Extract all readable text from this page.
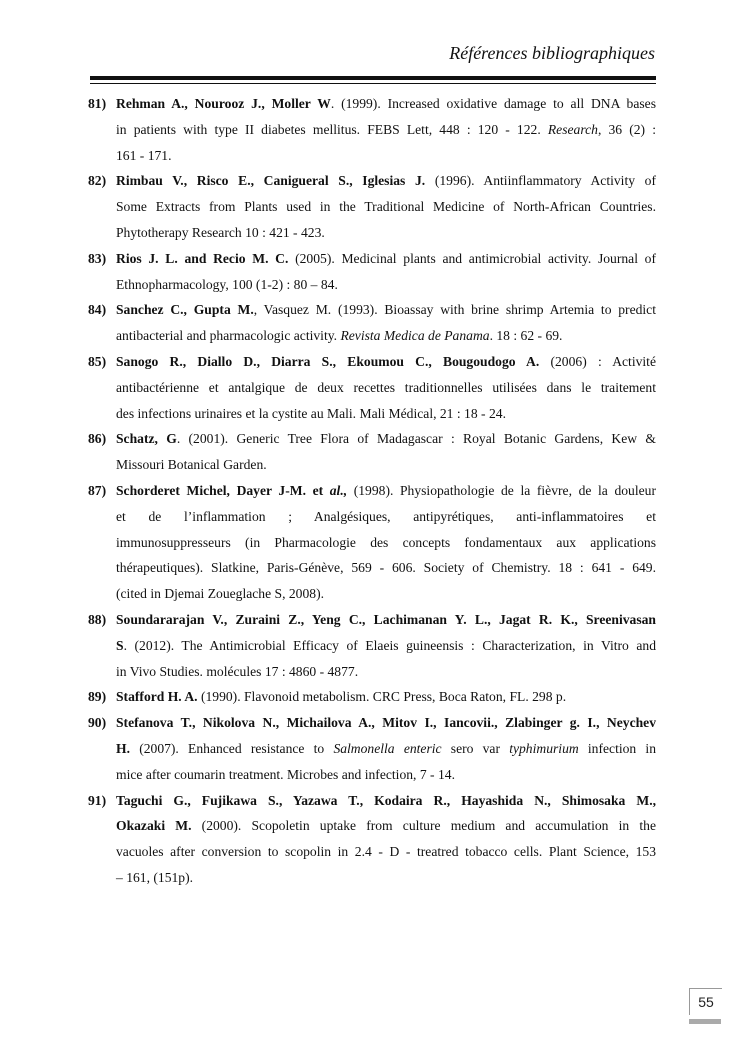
Références bibliographiques
81) Rehman A., Nourooz J., Moller W. (1999). Increased oxidative damage to all DNA bases
in patients with type II diabetes mellitus. FEBS Lett, 448 : 120 - 122. Research, 36 (2) :
161 - 171.
82) Rimbau V., Risco E., Canigueral S., Iglesias J. (1996). Antiinflammatory Activity of
Some Extracts from Plants used in the Traditional Medicine of North-African Countries.
Phytotherapy Research 10 : 421 - 423.
83) Rios J. L. and Recio M. C. (2005). Medicinal plants and antimicrobial activity. Journal of
Ethnopharmacology, 100 (1-2) : 80 – 84.
84) Sanchez C., Gupta M., Vasquez M. (1993). Bioassay with brine shrimp Artemia to predict
antibacterial and pharmacologic activity. Revista Medica de Panama. 18 : 62 - 69.
85) Sanogo R., Diallo D., Diarra S., Ekoumou C., Bougoudogo A. (2006) : Activité
antibactérienne et antalgique de deux recettes traditionnelles utilisées dans le traitement
des infections urinaires et la cystite au Mali. Mali Médical, 21 : 18 - 24.
86) Schatz, G. (2001). Generic Tree Flora of Madagascar : Royal Botanic Gardens, Kew &
Missouri Botanical Garden.
87) Schorderet Michel, Dayer J-M. et al., (1998). Physiopathologie de la fièvre, de la douleur
et de l’inflammation ; Analgésiques, antipyrétiques, anti-inflammatoires et
immunosuppresseurs (in Pharmacologie des concepts fondamentaux aux applications
thérapeutiques). Slatkine, Paris-Génève, 569 - 606. Society of Chemistry. 18 : 641 - 649.
(cited in Djemai Zoueglache S, 2008).
88) Soundararajan V., Zuraini Z., Yeng C., Lachimanan Y. L., Jagat R. K., Sreenivasan
S. (2012). The Antimicrobial Efficacy of Elaeis guineensis : Characterization, in Vitro and
in Vivo Studies. molécules 17 : 4860 - 4877.
89) Stafford H. A. (1990). Flavonoid metabolism. CRC Press, Boca Raton, FL. 298 p.
90) Stefanova T., Nikolova N., Michailova A., Mitov I., Iancovii., Zlabinger g. I., Neychev
H. (2007). Enhanced resistance to Salmonella enteric sero var typhimurium infection in
mice after coumarin treatment. Microbes and infection, 7 - 14.
91) Taguchi G., Fujikawa S., Yazawa T., Kodaira R., Hayashida N., Shimosaka M.,
Okazaki M. (2000). Scopoletin uptake from culture medium and accumulation in the
vacuoles after conversion to scopolin in 2.4 - D - treatred tobacco cells. Plant Science, 153
– 161, (151p).
55
